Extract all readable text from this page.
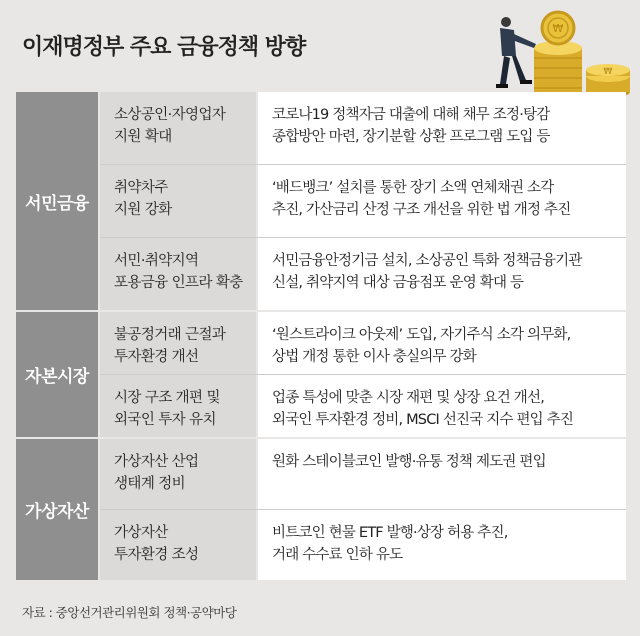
이재명정부 주요 금융정책 방향
₩
₩
서민금융
소상공인·자영업자
지원 확대
코로나19 정책자금 대출에 대해 채무 조정·탕감
종합방안 마련, 장기분할 상환 프로그램 도입 등
취약차주
지원 강화
‘배드뱅크’ 설치를 통한 장기 소액 연체채권 소각
추진, 가산금리 산정 구조 개선을 위한 법 개정 추진
서민·취약지역
포용금융 인프라 확충
서민금융안정기금 설치, 소상공인 특화 정책금융기관
신설, 취약지역 대상 금융점포 운영 확대 등
자본시장
불공정거래 근절과
투자환경 개선
‘원스트라이크 아웃제’ 도입, 자기주식 소각 의무화,
상법 개정 통한 이사 충실의무 강화
시장 구조 개편 및
외국인 투자 유치
업종 특성에 맞춘 시장 재편 및 상장 요건 개선,
외국인 투자환경 정비, MSCI 선진국 지수 편입 추진
가상자산
가상자산 산업
생태계 정비
원화 스테이블코인 발행·유통 정책 제도권 편입
가상자산
투자환경 조성
비트코인 현물 ETF 발행·상장 허용 추진,
거래 수수료 인하 유도
자료 : 중앙선거관리위원회 정책·공약마당
